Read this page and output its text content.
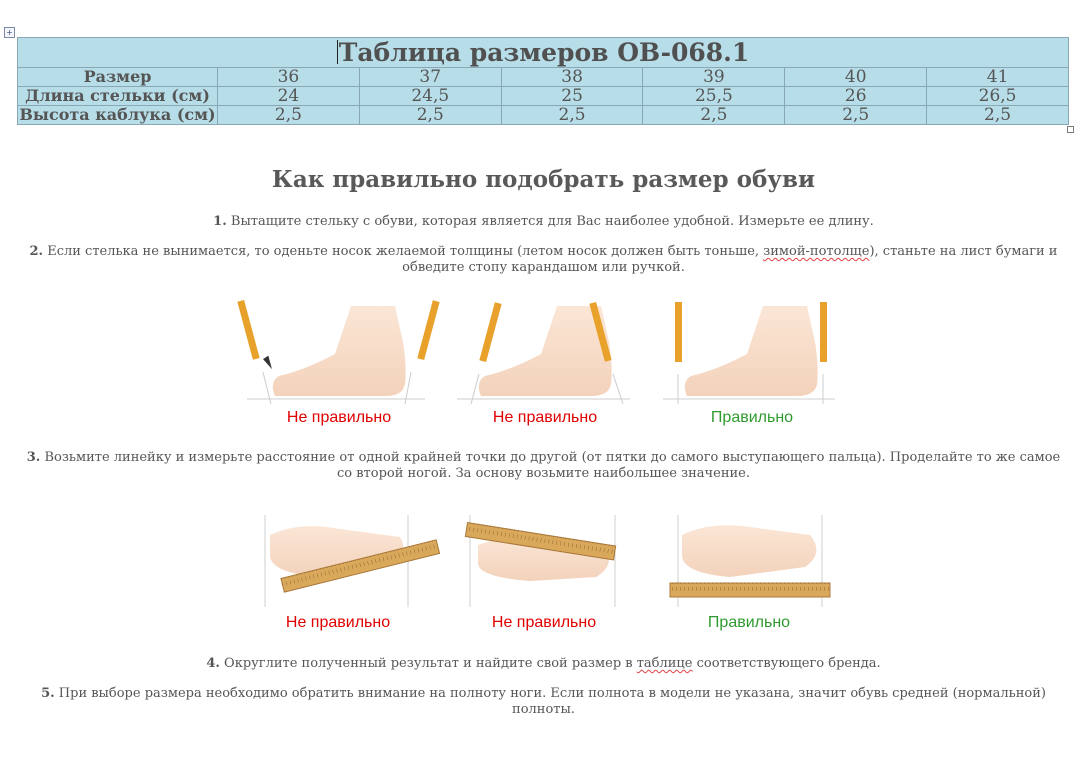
+
Таблица размеров OB-068.1						
Размер	36	37	38	39	40	41
Длина стельки (см)	24	24,5	25	25,5	26	26,5
Высота каблука (см)	2,5	2,5	2,5	2,5	2,5	2,5
Как правильно подобрать размер обуви
1. Вытащите стельку с обуви, которая является для Вас наиболее удобной. Измерьте ее длину.
2. Если стелька не вынимается, то оденьте носок желаемой толщины (летом носок должен быть тоньше, зимой-потолще), станьте на лист бумаги и обведите стопу карандашом или ручкой.
Не правильно	Не правильно	Правильно
3. Возьмите линейку и измерьте расстояние от одной крайней точки до другой (от пятки до самого выступающего пальца). Проделайте то же самое со второй ногой. За основу возьмите наибольшее значение.
Не правильно	Не правильно	Правильно
4. Округлите полученный результат и найдите свой размер в таблице соответствующего бренда.
5. При выборе размера необходимо обратить внимание на полноту ноги. Если полнота в модели не указана, значит обувь средней (нормальной) полноты.
